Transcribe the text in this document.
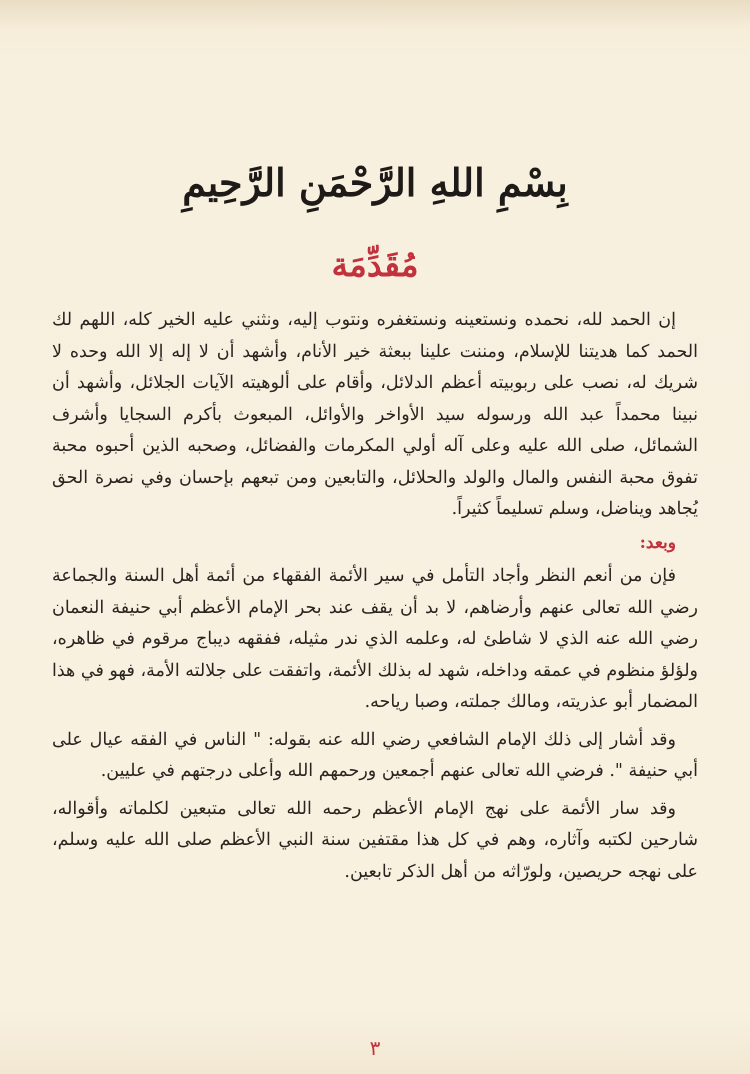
بِسْمِ اللهِ الرَّحْمَنِ الرَّحِيمِ
مُقَدِّمَة

إن الحمد لله، نحمده ونستعينه ونستغفره ونتوب إليه، ونثني عليه الخير كله، اللهم لك الحمد كما هديتنا للإسلام، ومننت علينا ببعثة خير الأنام، وأشهد أن لا إله إلا الله وحده لا شريك له، نصب على ربوبيته أعظم الدلائل، وأقام على ألوهيته الآيات الجلائل، وأشهد أن نبينا محمداً عبد الله ورسوله سيد الأواخر والأوائل، المبعوث بأكرم السجايا وأشرف الشمائل، صلى الله عليه وعلى آله أولي المكرمات والفضائل، وصحبه الذين أحبوه محبة تفوق محبة النفس والمال والولد والحلائل، والتابعين ومن تبعهم بإحسان وفي نصرة الحق يُجاهد ويناضل، وسلم تسليماً كثيراً.

وبعد:

فإن من أنعم النظر وأجاد التأمل في سير الأئمة الفقهاء من أئمة أهل السنة والجماعة رضي الله تعالى عنهم وأرضاهم، لا بد أن يقف عند بحر الإمام الأعظم أبي حنيفة النعمان رضي الله عنه الذي لا شاطئ له، وعلمه الذي ندر مثيله، ففقهه ديباج مرقوم في ظاهره، ولؤلؤ منظوم في عمقه وداخله، شهد له بذلك الأئمة، واتفقت على جلالته الأمة، فهو في هذا المضمار أبو عذريته، ومالك جملته، وصبا رياحه.

وقد أشار إلى ذلك الإمام الشافعي رضي الله عنه بقوله: " الناس في الفقه عيال على أبي حنيفة ". فرضي الله تعالى عنهم أجمعين ورحمهم الله وأعلى درجتهم في عليين.

وقد سار الأئمة على نهج الإمام الأعظم رحمه الله تعالى متبعين لكلماته وأقواله، شارحين لكتبه وآثاره، وهم في كل هذا مقتفين سنة النبي الأعظم صلى الله عليه وسلم، على نهجه حريصين، ولورّاثه من أهل الذكر تابعين.

٣
